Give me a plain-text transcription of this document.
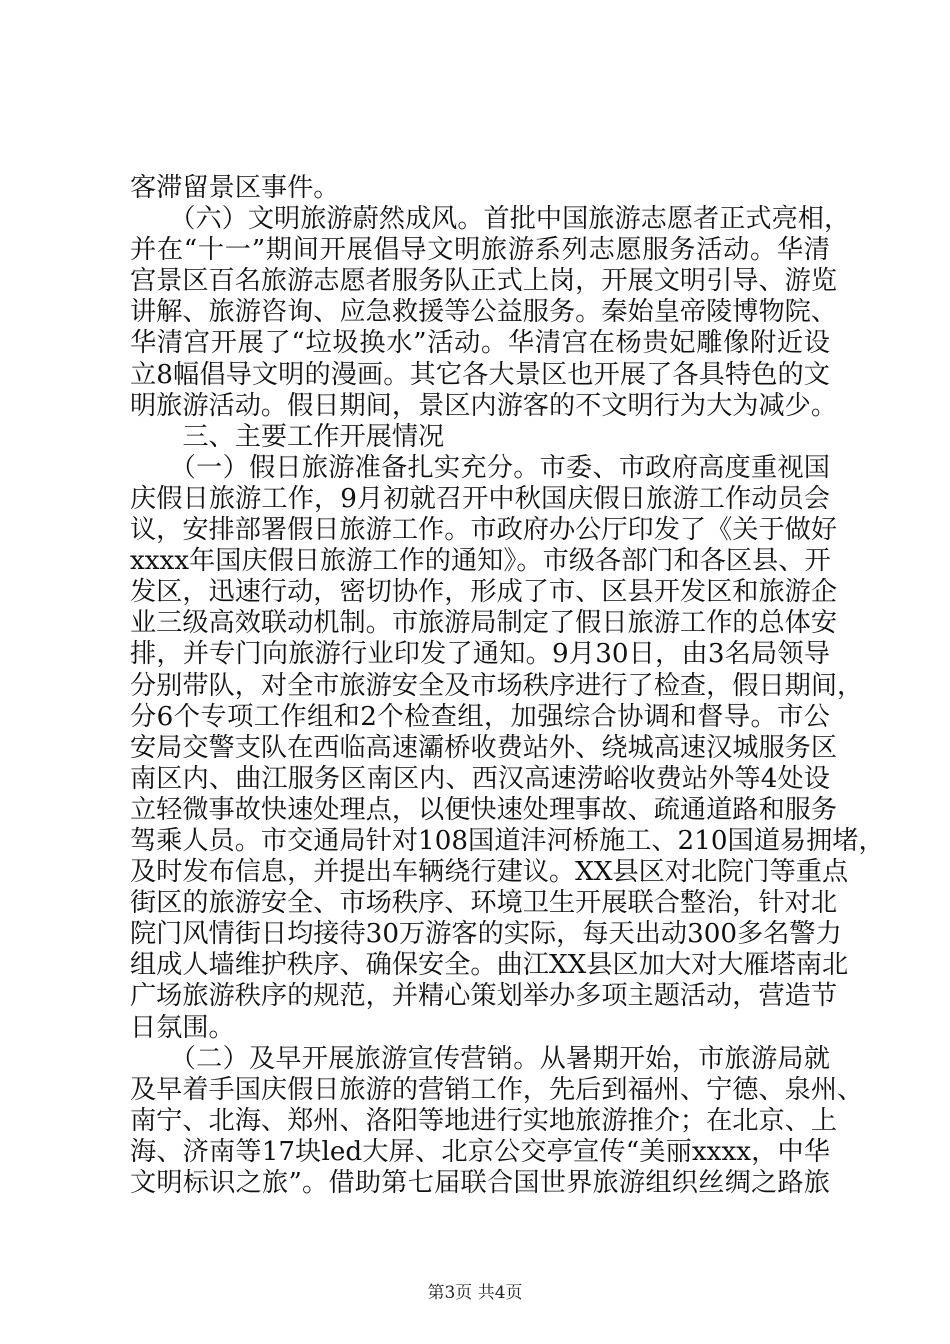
客滞留景区事件。
　　（六）文明旅游蔚然成风。首批中国旅游志愿者正式亮相，
并在“十一”期间开展倡导文明旅游系列志愿服务活动。华清
宫景区百名旅游志愿者服务队正式上岗，开展文明引导、游览
讲解、旅游咨询、应急救援等公益服务。秦始皇帝陵博物院、
华清宫开展了“垃圾换水”活动。华清宫在杨贵妃雕像附近设
立8幅倡导文明的漫画。其它各大景区也开展了各具特色的文
明旅游活动。假日期间，景区内游客的不文明行为大为减少。
　　三、主要工作开展情况
　　（一）假日旅游准备扎实充分。市委、市政府高度重视国
庆假日旅游工作，9月初就召开中秋国庆假日旅游工作动员会
议，安排部署假日旅游工作。市政府办公厅印发了《关于做好
xxxx年国庆假日旅游工作的通知》。市级各部门和各区县、开
发区，迅速行动，密切协作，形成了市、区县开发区和旅游企
业三级高效联动机制。市旅游局制定了假日旅游工作的总体安
排，并专门向旅游行业印发了通知。9月30日，由3名局领导
分别带队，对全市旅游安全及市场秩序进行了检查，假日期间，
分6个专项工作组和2个检查组，加强综合协调和督导。市公
安局交警支队在西临高速灞桥收费站外、绕城高速汉城服务区
南区内、曲江服务区南区内、西汉高速涝峪收费站外等4处设
立轻微事故快速处理点，以便快速处理事故、疏通道路和服务
驾乘人员。市交通局针对108国道沣河桥施工、210国道易拥堵，
及时发布信息，并提出车辆绕行建议。XX县区对北院门等重点
街区的旅游安全、市场秩序、环境卫生开展联合整治，针对北
院门风情街日均接待30万游客的实际，每天出动300多名警力
组成人墙维护秩序、确保安全。曲江XX县区加大对大雁塔南北
广场旅游秩序的规范，并精心策划举办多项主题活动，营造节
日氛围。
　　（二）及早开展旅游宣传营销。从暑期开始，市旅游局就
及早着手国庆假日旅游的营销工作，先后到福州、宁德、泉州、
南宁、北海、郑州、洛阳等地进行实地旅游推介；在北京、上
海、济南等17块led大屏、北京公交亭宣传“美丽xxxx，中华
文明标识之旅”。借助第七届联合国世界旅游组织丝绸之路旅
第3页 共4页
